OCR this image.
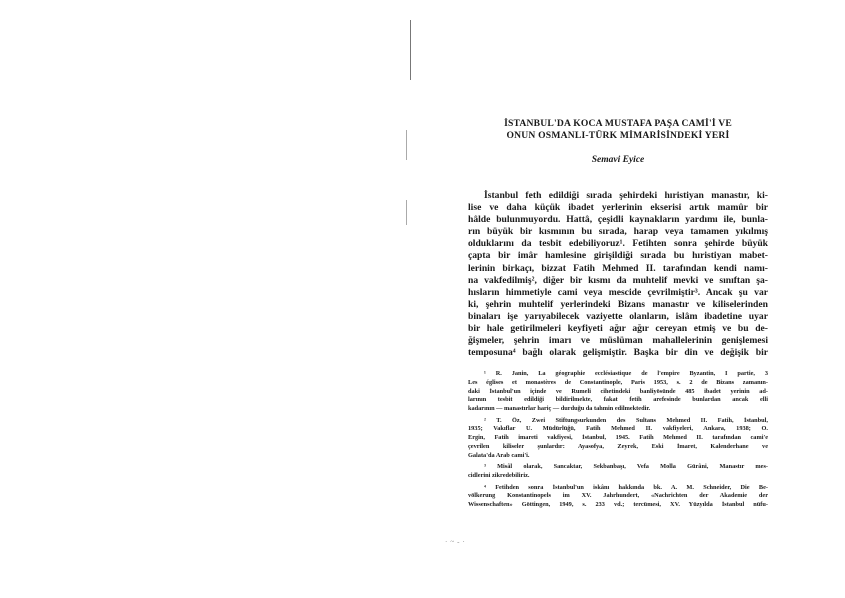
İSTANBUL'DA KOCA MUSTAFA PAŞA CAMİ'İ VE
ONUN OSMANLI-TÜRK MİMARİSİNDEKİ YERİ
Semavi Eyice
İstanbul feth edildiği sırada şehirdeki hıristiyan manastır, ki-
lise ve daha küçük ibadet yerlerinin ekserisi artık mamûr bir
hâlde bulunmuyordu. Hattâ, çeşidli kaynakların yardımı ile, bunla-
rın büyük bir kısmının bu sırada, harap veya tamamen yıkılmış
olduklarını da tesbit edebiliyoruz¹. Fetihten sonra şehirde büyük
çapta bir imâr hamlesine girişildiği sırada bu hıristiyan mabet-
lerinin birkaçı, bizzat Fatih Mehmed II. tarafından kendi namı-
na vakfedilmiş², diğer bir kısmı da muhtelif mevki ve sınıftan şa-
hısların himmetiyle cami veya mescide çevrilmiştir³. Ancak şu var
ki, şehrin muhtelif yerlerindeki Bizans manastır ve kiliselerinden
binaları işe yarıyabilecek vaziyette olanların, islâm ibadetine uyar
bir hale getirilmeleri keyfiyeti ağır ağır cereyan etmiş ve bu de-
ğişmeler, şehrin imarı ve müslüman mahallelerinin genişlemesi
temposuna⁴ bağlı olarak gelişmiştir. Başka bir din ve değişik bir
¹ R. Janin, La géographie ecclésiastique de l'empire Byzantin, I partie, 3
Les églises et monastères de Constantinople, Paris 1953, s. 2 de Bizans zamanın-
daki İstanbul'un içinde ve Rumeli cihetindeki banliyösünde 485 ibadet yerinin ad-
larının tesbit edildiği bildirilmekte, fakat fetih arefesinde bunlardan ancak elli
kadarının — manastırlar hariç — durduğu da tahmin edilmektedir.
² T. Öz, Zwei Stiftungsurkunden des Sultans Mehmed II. Fatih, İstanbul,
1935; Vakıflar U. Müdürlüğü, Fatih Mehmed II. vakfiyeleri, Ankara, 1938; O.
Ergin, Fatih imareti vakfiyesi, İstanbul, 1945. Fatih Mehmed II. tarafından cami'e
çevrilen kiliseler şunlardır: Ayasofya, Zeyrek, Eski İmaret, Kalenderhane ve
Galata'da Arab cami'i.
³ Misâl olarak, Sancaktar, Sekbanbaşı, Vefa Molla Gürâni, Manastır mes-
cidlerini zikredebiliriz.
⁴ Fetihden sonra İstanbul'un iskânı hakkında bk. A. M. Schneider, Die Be-
völkerung Konstantinopels im XV. Jahrhundert, «Nachrichten der Akademie der
Wissenschaften» Göttingen, 1949, s. 233 vd.; tercümesi, XV. Yüzyılda İstanbul nüfu-
·~-·
